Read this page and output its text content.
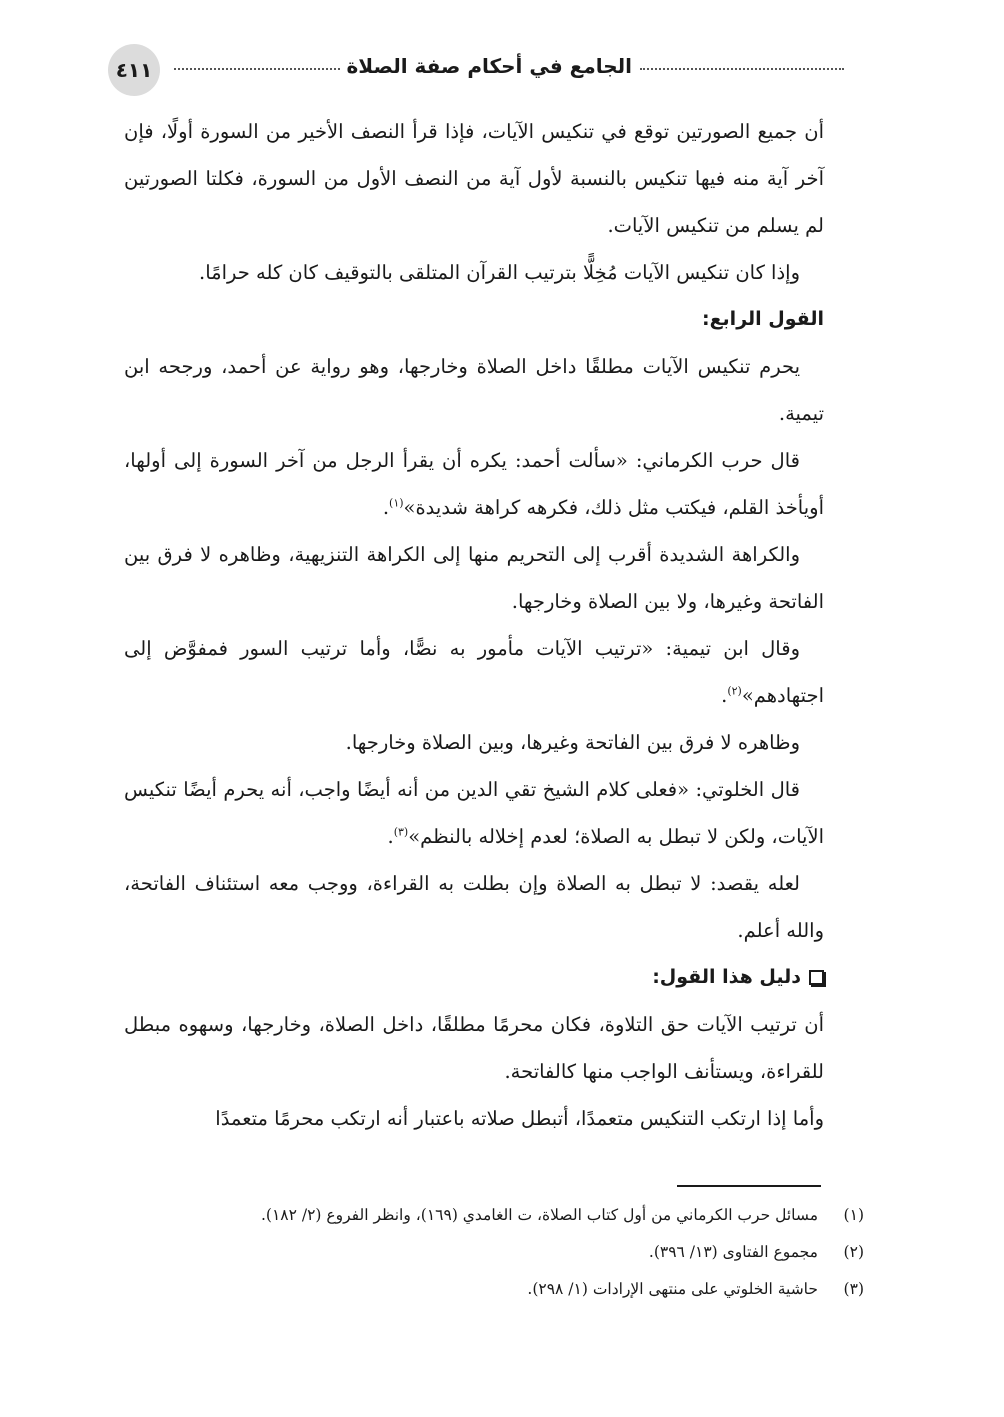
٤١١	الجامع في أحكام صفة الصلاة

أن جميع الصورتين توقع في تنكيس الآيات، فإذا قرأ النصف الأخير من السورة أولًا، فإن آخر آية منه فيها تنكيس بالنسبة لأول آية من النصف الأول من السورة، فكلتا الصورتين لم يسلم من تنكيس الآيات.

وإذا كان تنكيس الآيات مُخِلًّا بترتيب القرآن المتلقى بالتوقيف كان كله حرامًا.

القول الرابع:

يحرم تنكيس الآيات مطلقًا داخل الصلاة وخارجها، وهو رواية عن أحمد، ورجحه ابن تيمية.

قال حرب الكرماني: «سألت أحمد: يكره أن يقرأ الرجل من آخر السورة إلى أولها، أويأخذ القلم، فيكتب مثل ذلك، فكرهه كراهة شديدة»$^{(١)}$.

والكراهة الشديدة أقرب إلى التحريم منها إلى الكراهة التنزيهية، وظاهره لا فرق بين الفاتحة وغيرها، ولا بين الصلاة وخارجها.

وقال ابن تيمية: «ترتيب الآيات مأمور به نصًّا، وأما ترتيب السور فمفوَّض إلى اجتهادهم»$^{(٢)}$.

وظاهره لا فرق بين الفاتحة وغيرها، وبين الصلاة وخارجها.

قال الخلوتي: «فعلى كلام الشيخ تقي الدين من أنه أيضًا واجب، أنه يحرم أيضًا تنكيس الآيات، ولكن لا تبطل به الصلاة؛ لعدم إخلاله بالنظم»$^{(٣)}$.

لعله يقصد: لا تبطل به الصلاة وإن بطلت به القراءة، ووجب معه استئناف الفاتحة، والله أعلم.

دليل هذا القول:

أن ترتيب الآيات حق التلاوة، فكان محرمًا مطلقًا، داخل الصلاة، وخارجها، وسهوه مبطل للقراءة، ويستأنف الواجب منها كالفاتحة.

وأما إذا ارتكب التنكيس متعمدًا، أتبطل صلاته باعتبار أنه ارتكب محرمًا متعمدًا

(١)
مسائل حرب الكرماني من أول كتاب الصلاة، ت الغامدي (١٦٩)، وانظر الفروع (٢/ ١٨٢).
(٢)
مجموع الفتاوى (١٣/ ٣٩٦).
(٣)
حاشية الخلوتي على منتهى الإرادات (١/ ٢٩٨).
